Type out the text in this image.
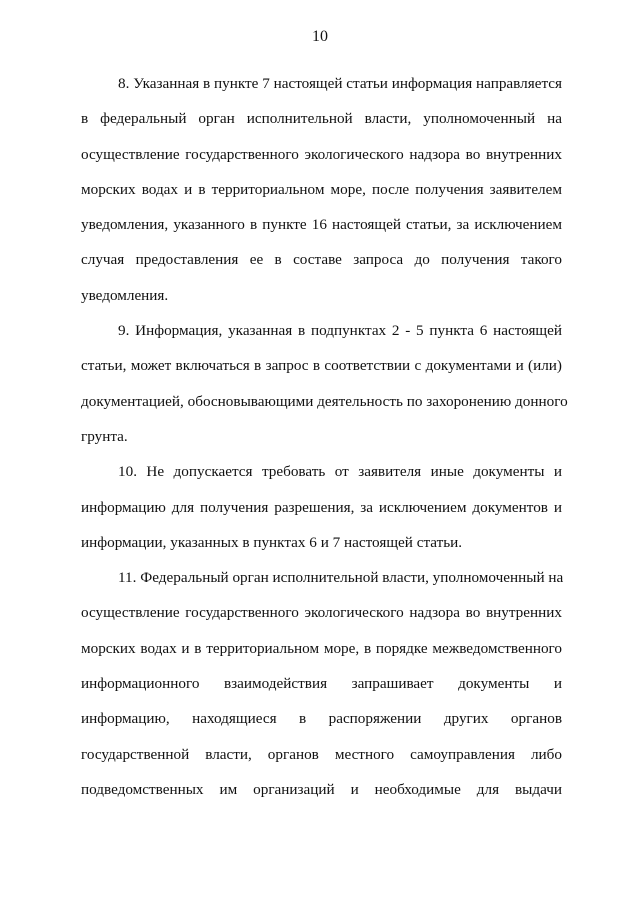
10

8. Указанная в пункте 7 настоящей статьи информация направляется
в федеральный орган исполнительной власти, уполномоченный на
осуществление государственного экологического надзора во внутренних
морских водах и в территориальном море, после получения заявителем
уведомления, указанного в пункте 16 настоящей статьи, за исключением
случая предоставления ее в составе запроса до получения такого
уведомления.

9. Информация, указанная в подпунктах 2 - 5 пункта 6 настоящей
статьи, может включаться в запрос в соответствии с документами и (или)
документацией, обосновывающими деятельность по захоронению донного
грунта.

10. Не допускается требовать от заявителя иные документы и
информацию для получения разрешения, за исключением документов и
информации, указанных в пунктах 6 и 7 настоящей статьи.

11. Федеральный орган исполнительной власти, уполномоченный на
осуществление государственного экологического надзора во внутренних
морских водах и в территориальном море, в порядке межведомственного
информационного взаимодействия запрашивает документы и
информацию, находящиеся в распоряжении других органов
государственной власти, органов местного самоуправления либо
подведомственных им организаций и необходимые для выдачи
